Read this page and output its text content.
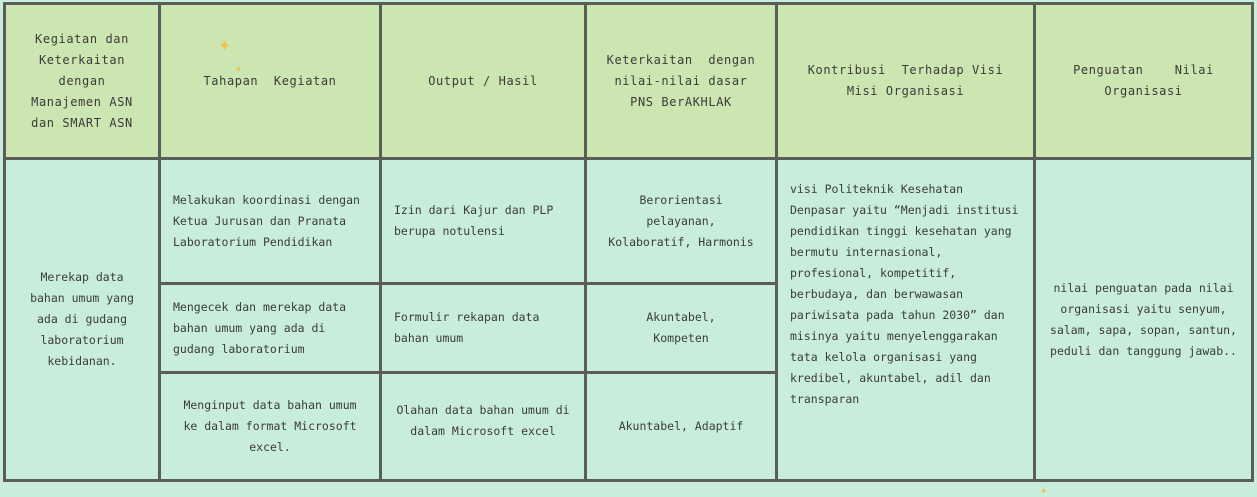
Kegiatan dan Keterkaitan dengan Manajemen ASN dan SMART ASN	Tahapan  Kegiatan	Output / Hasil	Keterkaitan  dengan nilai-nilai dasar PNS BerAKHLAK	Kontribusi  Terhadap Visi Misi Organisasi	Penguatan    Nilai Organisasi

Merekap data bahan umum yang ada di gudang laboratorium kebidanan.	Melakukan koordinasi dengan Ketua Jurusan dan Pranata Laboratorium Pendidikan	Izin dari Kajur dan PLP berupa notulensi	Berorientasi pelayanan, Kolaboratif, Harmonis	visi Politeknik Kesehatan Denpasar yaitu “Menjadi institusi pendidikan tinggi kesehatan yang bermutu internasional, profesional, kompetitif, berbudaya, dan berwawasan pariwisata pada tahun 2030” dan misinya yaitu menyelenggarakan tata kelola organisasi yang kredibel, akuntabel, adil dan transparan	nilai penguatan pada nilai organisasi yaitu senyum, salam, sapa, sopan, santun, peduli dan tanggung jawab..

	Mengecek dan merekap data bahan umum yang ada di gudang laboratorium	Formulir rekapan data bahan umum	Akuntabel, Kompeten		

	Menginput data bahan umum ke dalam format Microsoft excel.	Olahan data bahan umum di dalam Microsoft excel	Akuntabel, Adaptif		
✦
✦
✦
